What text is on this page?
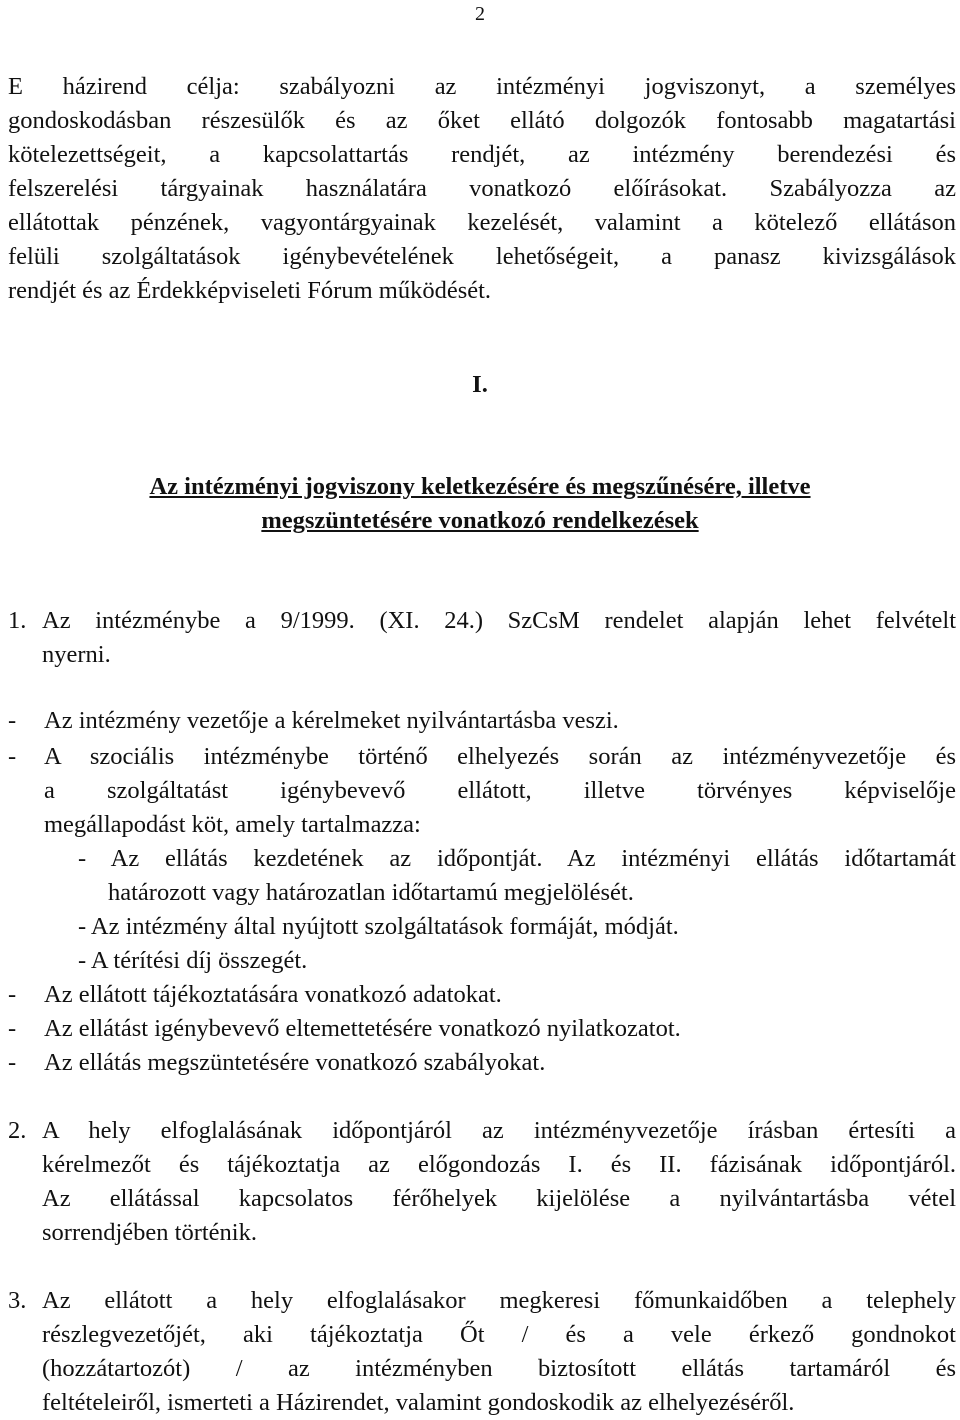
2

E házirend célja: szabályozni az intézményi jogviszonyt, a személyes

gondoskodásban részesülők és az őket ellátó dolgozók fontosabb magatartási

kötelezettségeit, a kapcsolattartás rendjét, az intézmény berendezési és

felszerelési tárgyainak használatára vonatkozó előírásokat. Szabályozza az

ellátottak pénzének, vagyontárgyainak kezelését, valamint a kötelező ellátáson

felüli szolgáltatások igénybevételének lehetőségeit, a panasz kivizsgálások

rendjét és az Érdekképviseleti Fórum működését.

I.
Az intézményi jogviszony keletkezésére és megszűnésére, illetve
megszüntetésére vonatkozó rendelkezések
1. Az intézménybe a 9/1999. (XI. 24.) SzCsM rendelet alapján lehet felvételt

nyerni.

-	Az intézmény vezetője a kérelmeket nyilvántartásba veszi.

-	A szociális intézménybe történő elhelyezés során az intézményvezetője és

a szolgáltatást igénybevevő ellátott, illetve törvényes képviselője

megállapodást köt, amely tartalmazza:

- Az ellátás kezdetének az időpontját. Az intézményi ellátás időtartamát

határozott vagy határozatlan időtartamú megjelölését.

- Az intézmény által nyújtott szolgáltatások formáját, módját.

- A térítési díj összegét.

-	Az ellátott tájékoztatására vonatkozó adatokat.

-	Az ellátást igénybevevő eltemettetésére vonatkozó nyilatkozatot.

-	Az ellátás megszüntetésére vonatkozó szabályokat.

2. A hely elfoglalásának időpontjáról az intézményvezetője írásban értesíti a

kérelmezőt és tájékoztatja az előgondozás I. és II. fázisának időpontjáról.

Az ellátással kapcsolatos férőhelyek kijelölése a nyilvántartásba vétel

sorrendjében történik.

3. Az ellátott a hely elfoglalásakor megkeresi főmunkaidőben a telephely

részlegvezetőjét, aki tájékoztatja Őt / és a vele érkező gondnokot

(hozzátartozót) / az intézményben biztosított ellátás tartamáról és

feltételeiről, ismerteti a Házirendet, valamint gondoskodik az elhelyezéséről.
